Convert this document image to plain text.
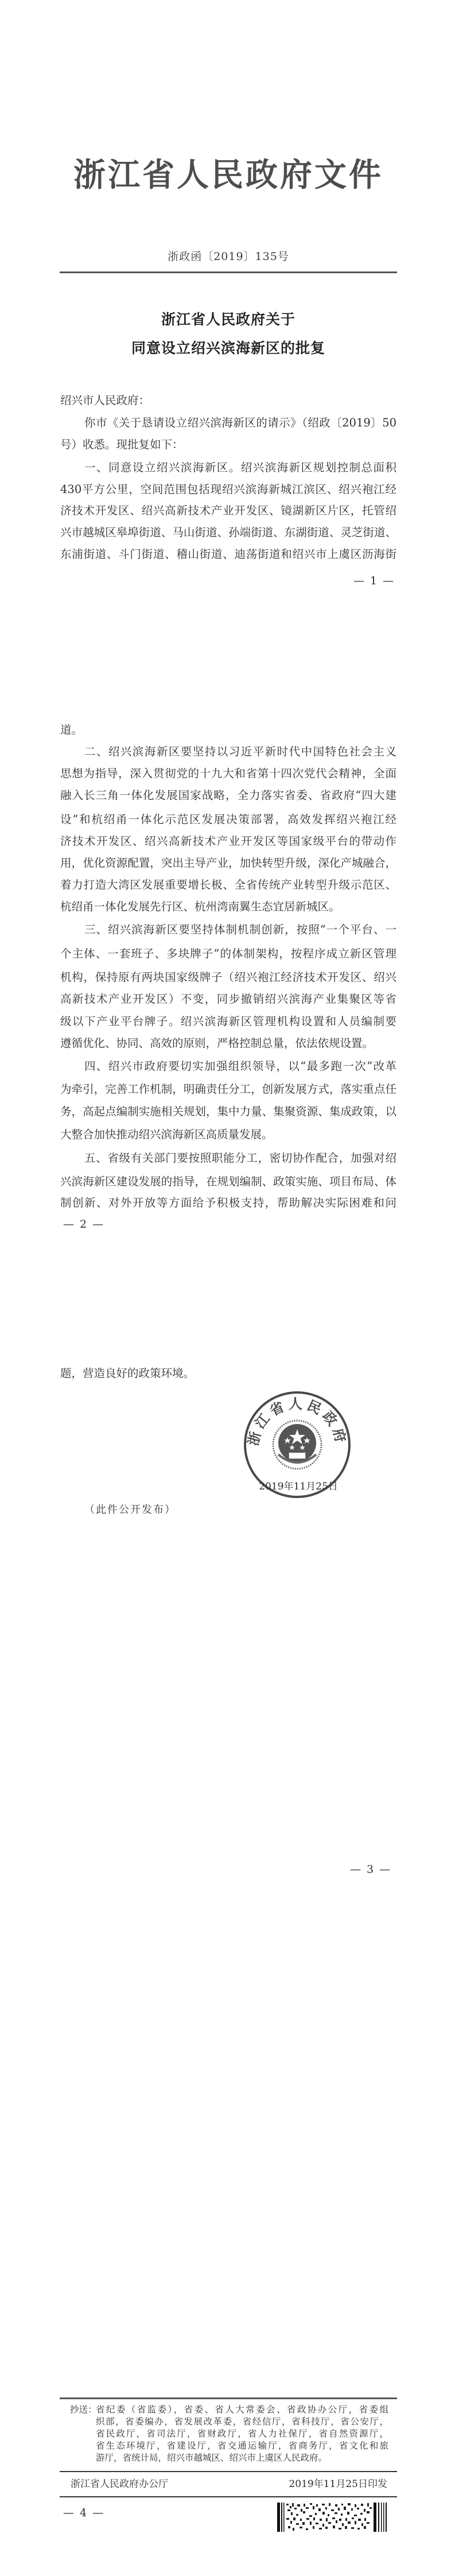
浙江省人民政府文件
浙政函〔2019〕135号
浙江省人民政府关于
同意设立绍兴滨海新区的批复
绍兴市人民政府：
你市《关于恳请设立绍兴滨海新区的请示》（绍政〔2019〕50
号）收悉。现批复如下：
一、同意设立绍兴滨海新区。绍兴滨海新区规划控制总面积
430平方公里，空间范围包括现绍兴滨海新城江滨区、绍兴袍江经
济技术开发区、绍兴高新技术产业开发区、镜湖新区片区，托管绍
兴市越城区皋埠街道、马山街道、孙端街道、东湖街道、灵芝街道、
东浦街道、斗门街道、稽山街道、迪荡街道和绍兴市上虞区沥海街
— 1 —
道。
二、绍兴滨海新区要坚持以习近平新时代中国特色社会主义
思想为指导，深入贯彻党的十九大和省第十四次党代会精神，全面
融入长三角一体化发展国家战略，全力落实省委、省政府“四大建
设”和杭绍甬一体化示范区发展决策部署，高效发挥绍兴袍江经
济技术开发区、绍兴高新技术产业开发区等国家级平台的带动作
用，优化资源配置，突出主导产业，加快转型升级，深化产城融合，
着力打造大湾区发展重要增长极、全省传统产业转型升级示范区、
杭绍甬一体化发展先行区、杭州湾南翼生态宜居新城区。
三、绍兴滨海新区要坚持体制机制创新，按照“一个平台、一
个主体、一套班子、多块牌子”的体制架构，按程序成立新区管理
机构，保持原有两块国家级牌子（绍兴袍江经济技术开发区、绍兴
高新技术产业开发区）不变，同步撤销绍兴滨海产业集聚区等省
级以下产业平台牌子。绍兴滨海新区管理机构设置和人员编制要
遵循优化、协同、高效的原则，严格控制总量，依法依规设置。
四、绍兴市政府要切实加强组织领导，以“最多跑一次”改革
为牵引，完善工作机制，明确责任分工，创新发展方式，落实重点任
务，高起点编制实施相关规划，集中力量、集聚资源、集成政策，以
大整合加快推动绍兴滨海新区高质量发展。
五、省级有关部门要按照职能分工，密切协作配合，加强对绍
兴滨海新区建设发展的指导，在规划编制、政策实施、项目布局、体
制创新、对外开放等方面给予积极支持，帮助解决实际困难和问
— 2 —
题，营造良好的政策环境。
浙江省人民政府
2019年11月25日
（此件公开发布）
— 3 —
抄送：
省纪委（省监委），省委、省人大常委会、省政协办公厅，省委组
织部，省委编办，省发展改革委，省经信厅，省科技厅，省公安厅，
省民政厅，省司法厅，省财政厅，省人力社保厅，省自然资源厅，
省生态环境厅，省建设厅，省交通运输厅，省商务厅，省文化和旅
游厅，省统计局，绍兴市越城区、绍兴市上虞区人民政府。
浙江省人民政府办公厅	2019年11月25日印发
— 4 —
